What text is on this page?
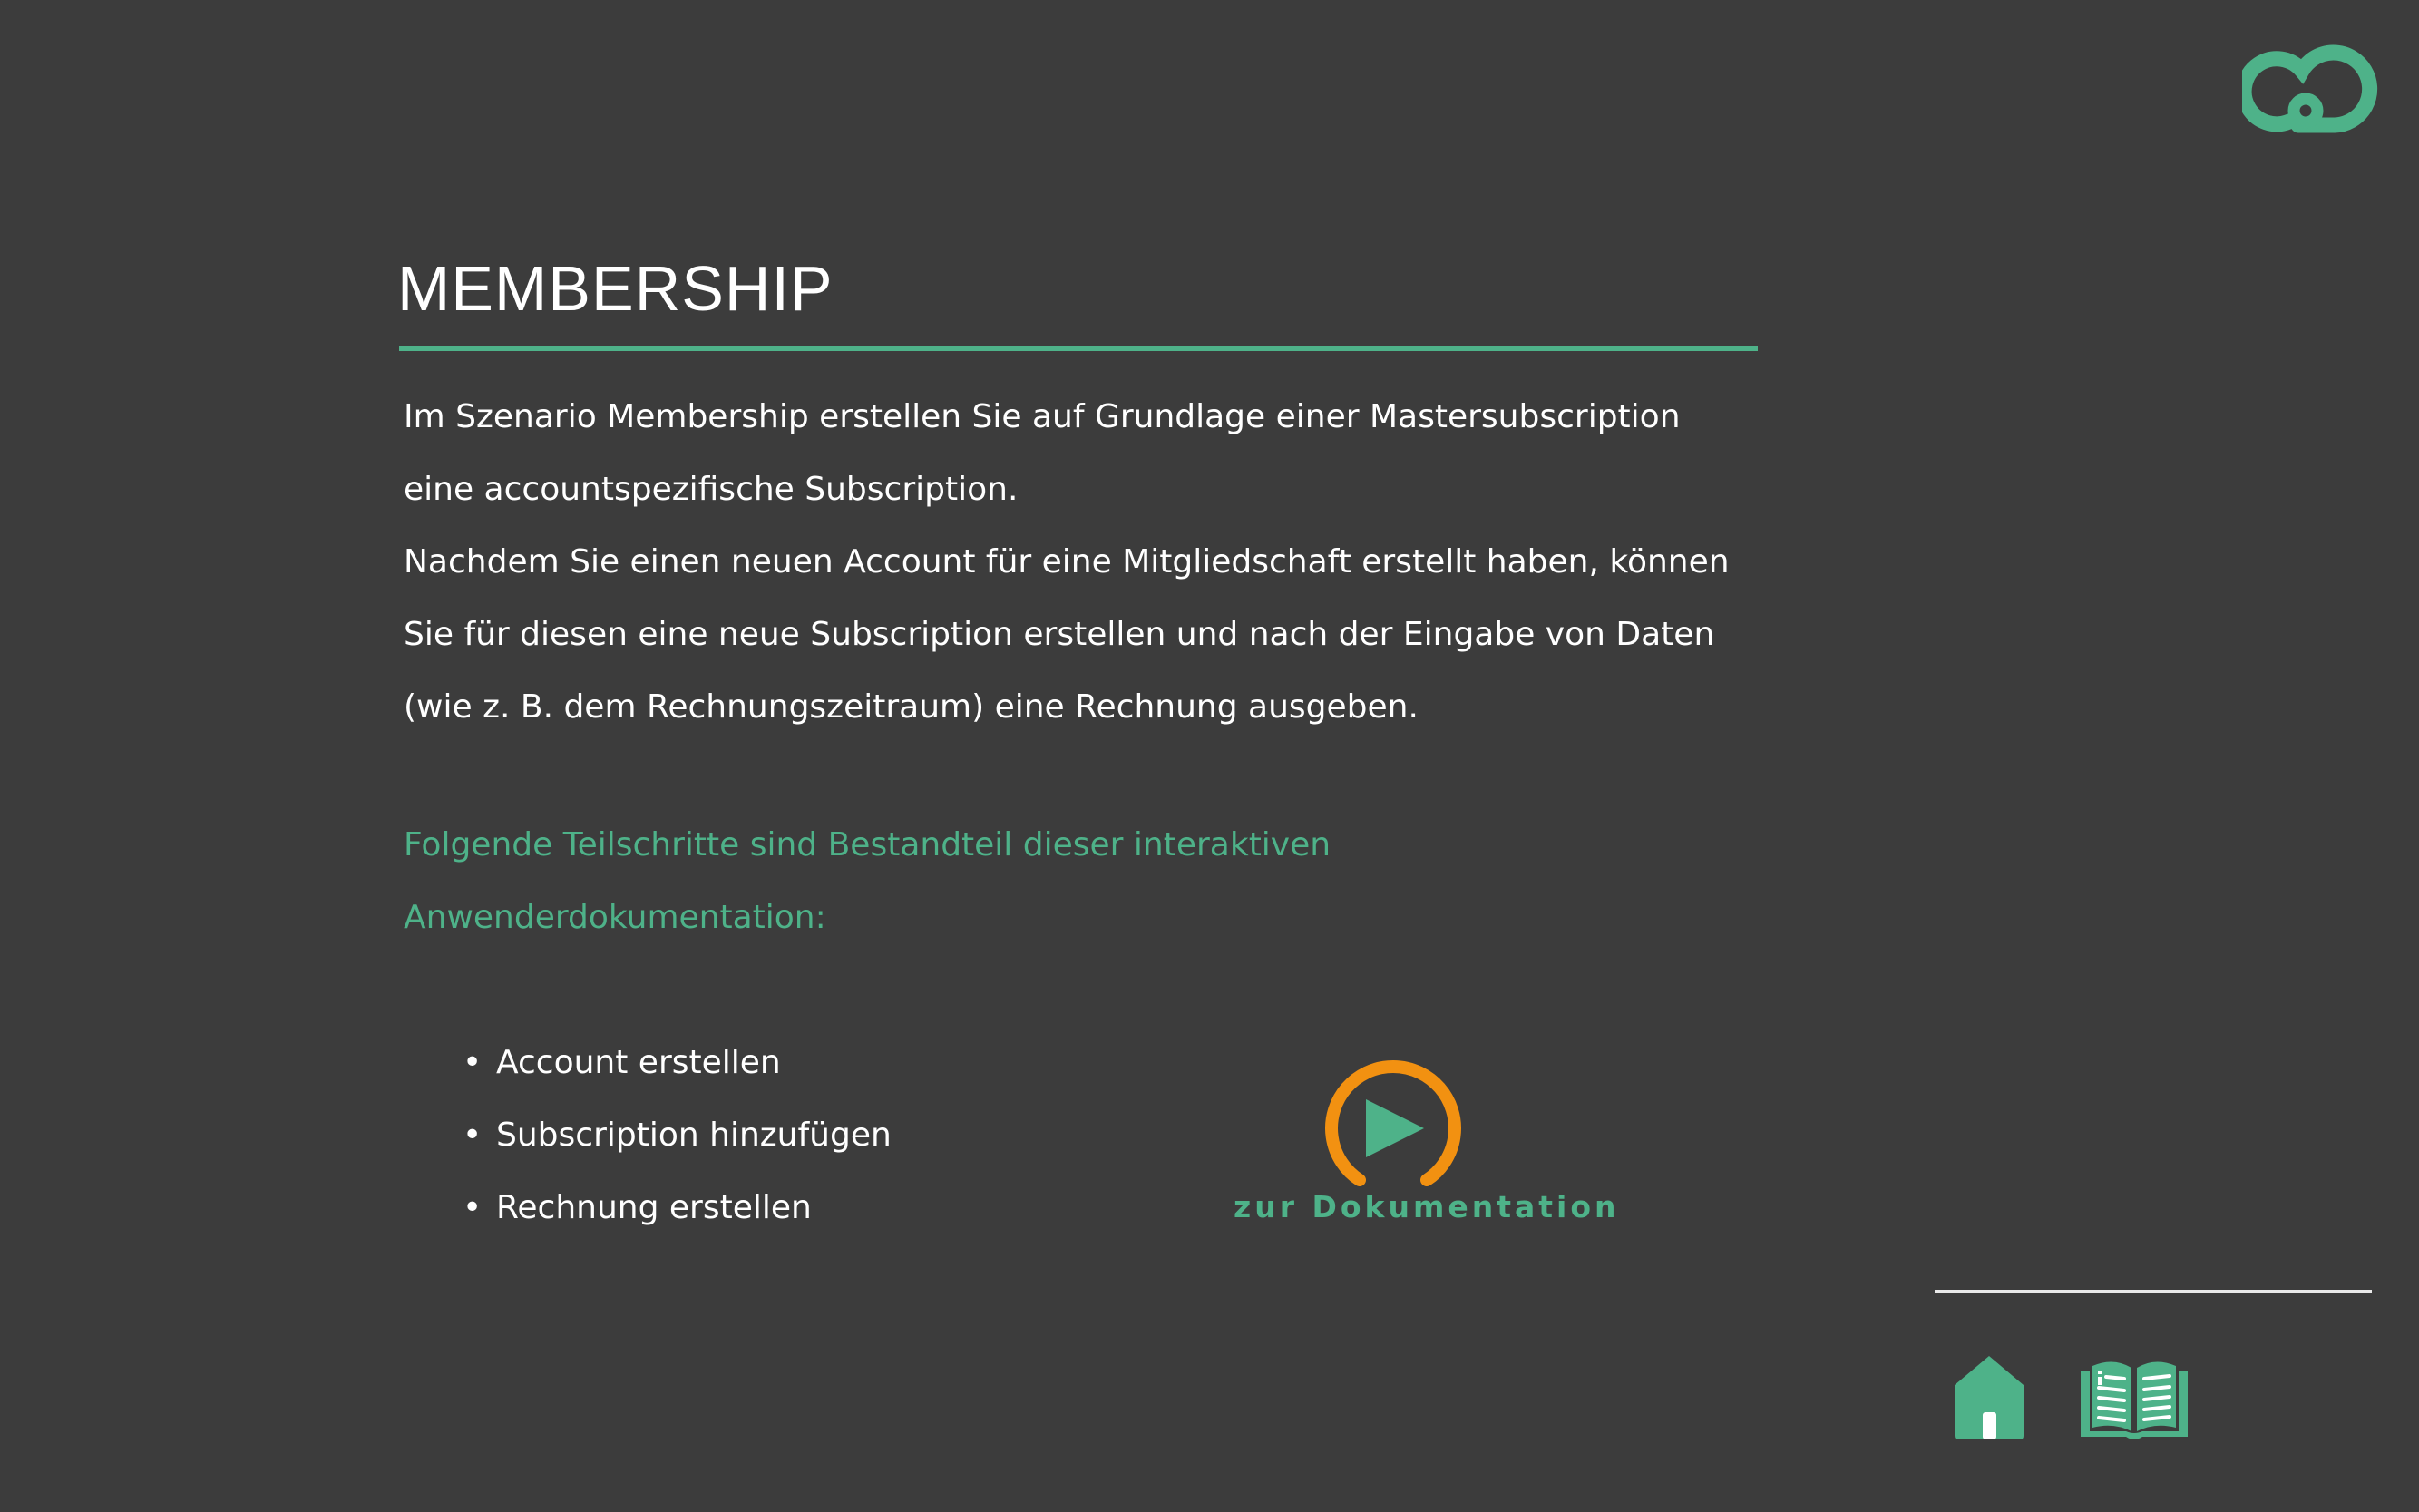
MEMBERSHIP

Im Szenario Membership erstellen Sie auf Grundlage einer Mastersubscription

eine accountspezifische Subscription.

Nachdem Sie einen neuen Account für eine Mitgliedschaft erstellt haben, können

Sie für diesen eine neue Subscription erstellen und nach der Eingabe von Daten

(wie z. B. dem Rechnungszeitraum) eine Rechnung ausgeben.

Folgende Teilschritte sind Bestandteil dieser interaktiven

Anwenderdokumentation:

• Account erstellen
• Subscription hinzufügen
• Rechnung erstellen	zur Dokumentation
